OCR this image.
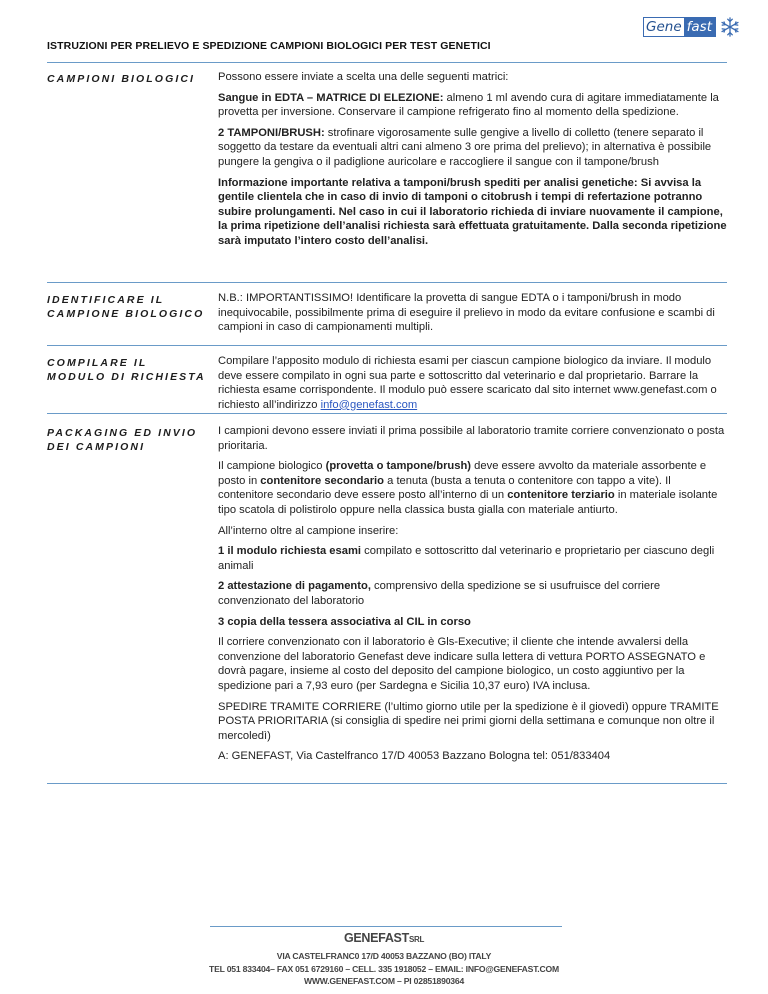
ISTRUZIONI PER PRELIEVO E SPEDIZIONE CAMPIONI BIOLOGICI PER TEST GENETICI
Gene fast
CAMPIONI BIOLOGICI	Possono essere inviate a scelta una delle seguenti matrici:

Sangue in EDTA – MATRICE DI ELEZIONE: almeno 1 ml avendo cura di agitare immediatamente la provetta per inversione. Conservare il campione refrigerato fino al momento della spedizione.

2 TAMPONI/BRUSH: strofinare vigorosamente sulle gengive a livello di colletto (tenere separato il soggetto da testare da eventuali altri cani almeno 3 ore prima del prelievo); in alternativa è possibile pungere la gengiva o il padiglione auricolare e raccogliere il sangue con il tampone/brush

Informazione importante relativa a tamponi/brush spediti per analisi genetiche: Si avvisa la gentile clientela che in caso di invio di tamponi o citobrush i tempi di refertazione potranno subire prolungamenti. Nel caso in cui il laboratorio richieda di inviare nuovamente il campione, la prima ripetizione dell’analisi richiesta sarà effettuata gratuitamente. Dalla seconda ripetizione sarà imputato l’intero costo dell’analisi.

IDENTIFICARE IL
CAMPIONE BIOLOGICO

N.B.: IMPORTANTISSIMO! Identificare la provetta di sangue EDTA o i tamponi/brush in modo inequivocabile, possibilmente prima di eseguire il prelievo in modo da evitare confusione e scambi di campioni in caso di campionamenti multipli.

COMPILARE IL
MODULO DI RICHIESTA

Compilare l’apposito modulo di richiesta esami per ciascun campione biologico da inviare. Il modulo deve essere compilato in ogni sua parte e sottoscritto dal veterinario e dal proprietario. Barrare la richiesta esame corrispondente. Il modulo può essere scaricato dal sito internet www.genefast.com o richiesto all’indirizzo info@genefast.com

PACKAGING ED INVIO
DEI CAMPIONI

I campioni devono essere inviati il prima possibile al laboratorio tramite corriere convenzionato o posta prioritaria.

Il campione biologico (provetta o tampone/brush) deve essere avvolto da materiale assorbente e posto in contenitore secondario a tenuta (busta a tenuta o contenitore con tappo a vite). Il contenitore secondario deve essere posto all’interno di un contenitore terziario in materiale isolante tipo scatola di polistirolo oppure nella classica busta gialla con materiale antiurto.

All’interno oltre al campione inserire:

1 il modulo richiesta esami compilato e sottoscritto dal veterinario e proprietario per ciascuno degli animali

2 attestazione di pagamento, comprensivo della spedizione se si usufruisce del corriere convenzionato del laboratorio

3 copia della tessera associativa al CIL in corso

Il corriere convenzionato con il laboratorio è Gls-Executive; il cliente che intende avvalersi della convenzione del laboratorio Genefast deve indicare sulla lettera di vettura PORTO ASSEGNATO e dovrà pagare, insieme al costo del deposito del campione biologico, un costo aggiuntivo per la spedizione pari a 7,93 euro (per Sardegna e Sicilia 10,37 euro) IVA inclusa.

SPEDIRE TRAMITE CORRIERE (l’ultimo giorno utile per la spedizione è il giovedì) oppure TRAMITE POSTA PRIORITARIA (si consiglia di spedire nei primi giorni della settimana e comunque non oltre il mercoledì)

A: GENEFAST, Via Castelfranco 17/D 40053 Bazzano Bologna tel: 051/833404

GENEFASTSRL
VIA CASTELFRANC0 17/D 40053 BAZZANO (BO) ITALY
TEL 051 833404– FAX 051 6729160 – CELL. 335 1918052 – EMAIL: INFO@GENEFAST.COM
WWW.GENEFAST.COM – PI 02851890364
